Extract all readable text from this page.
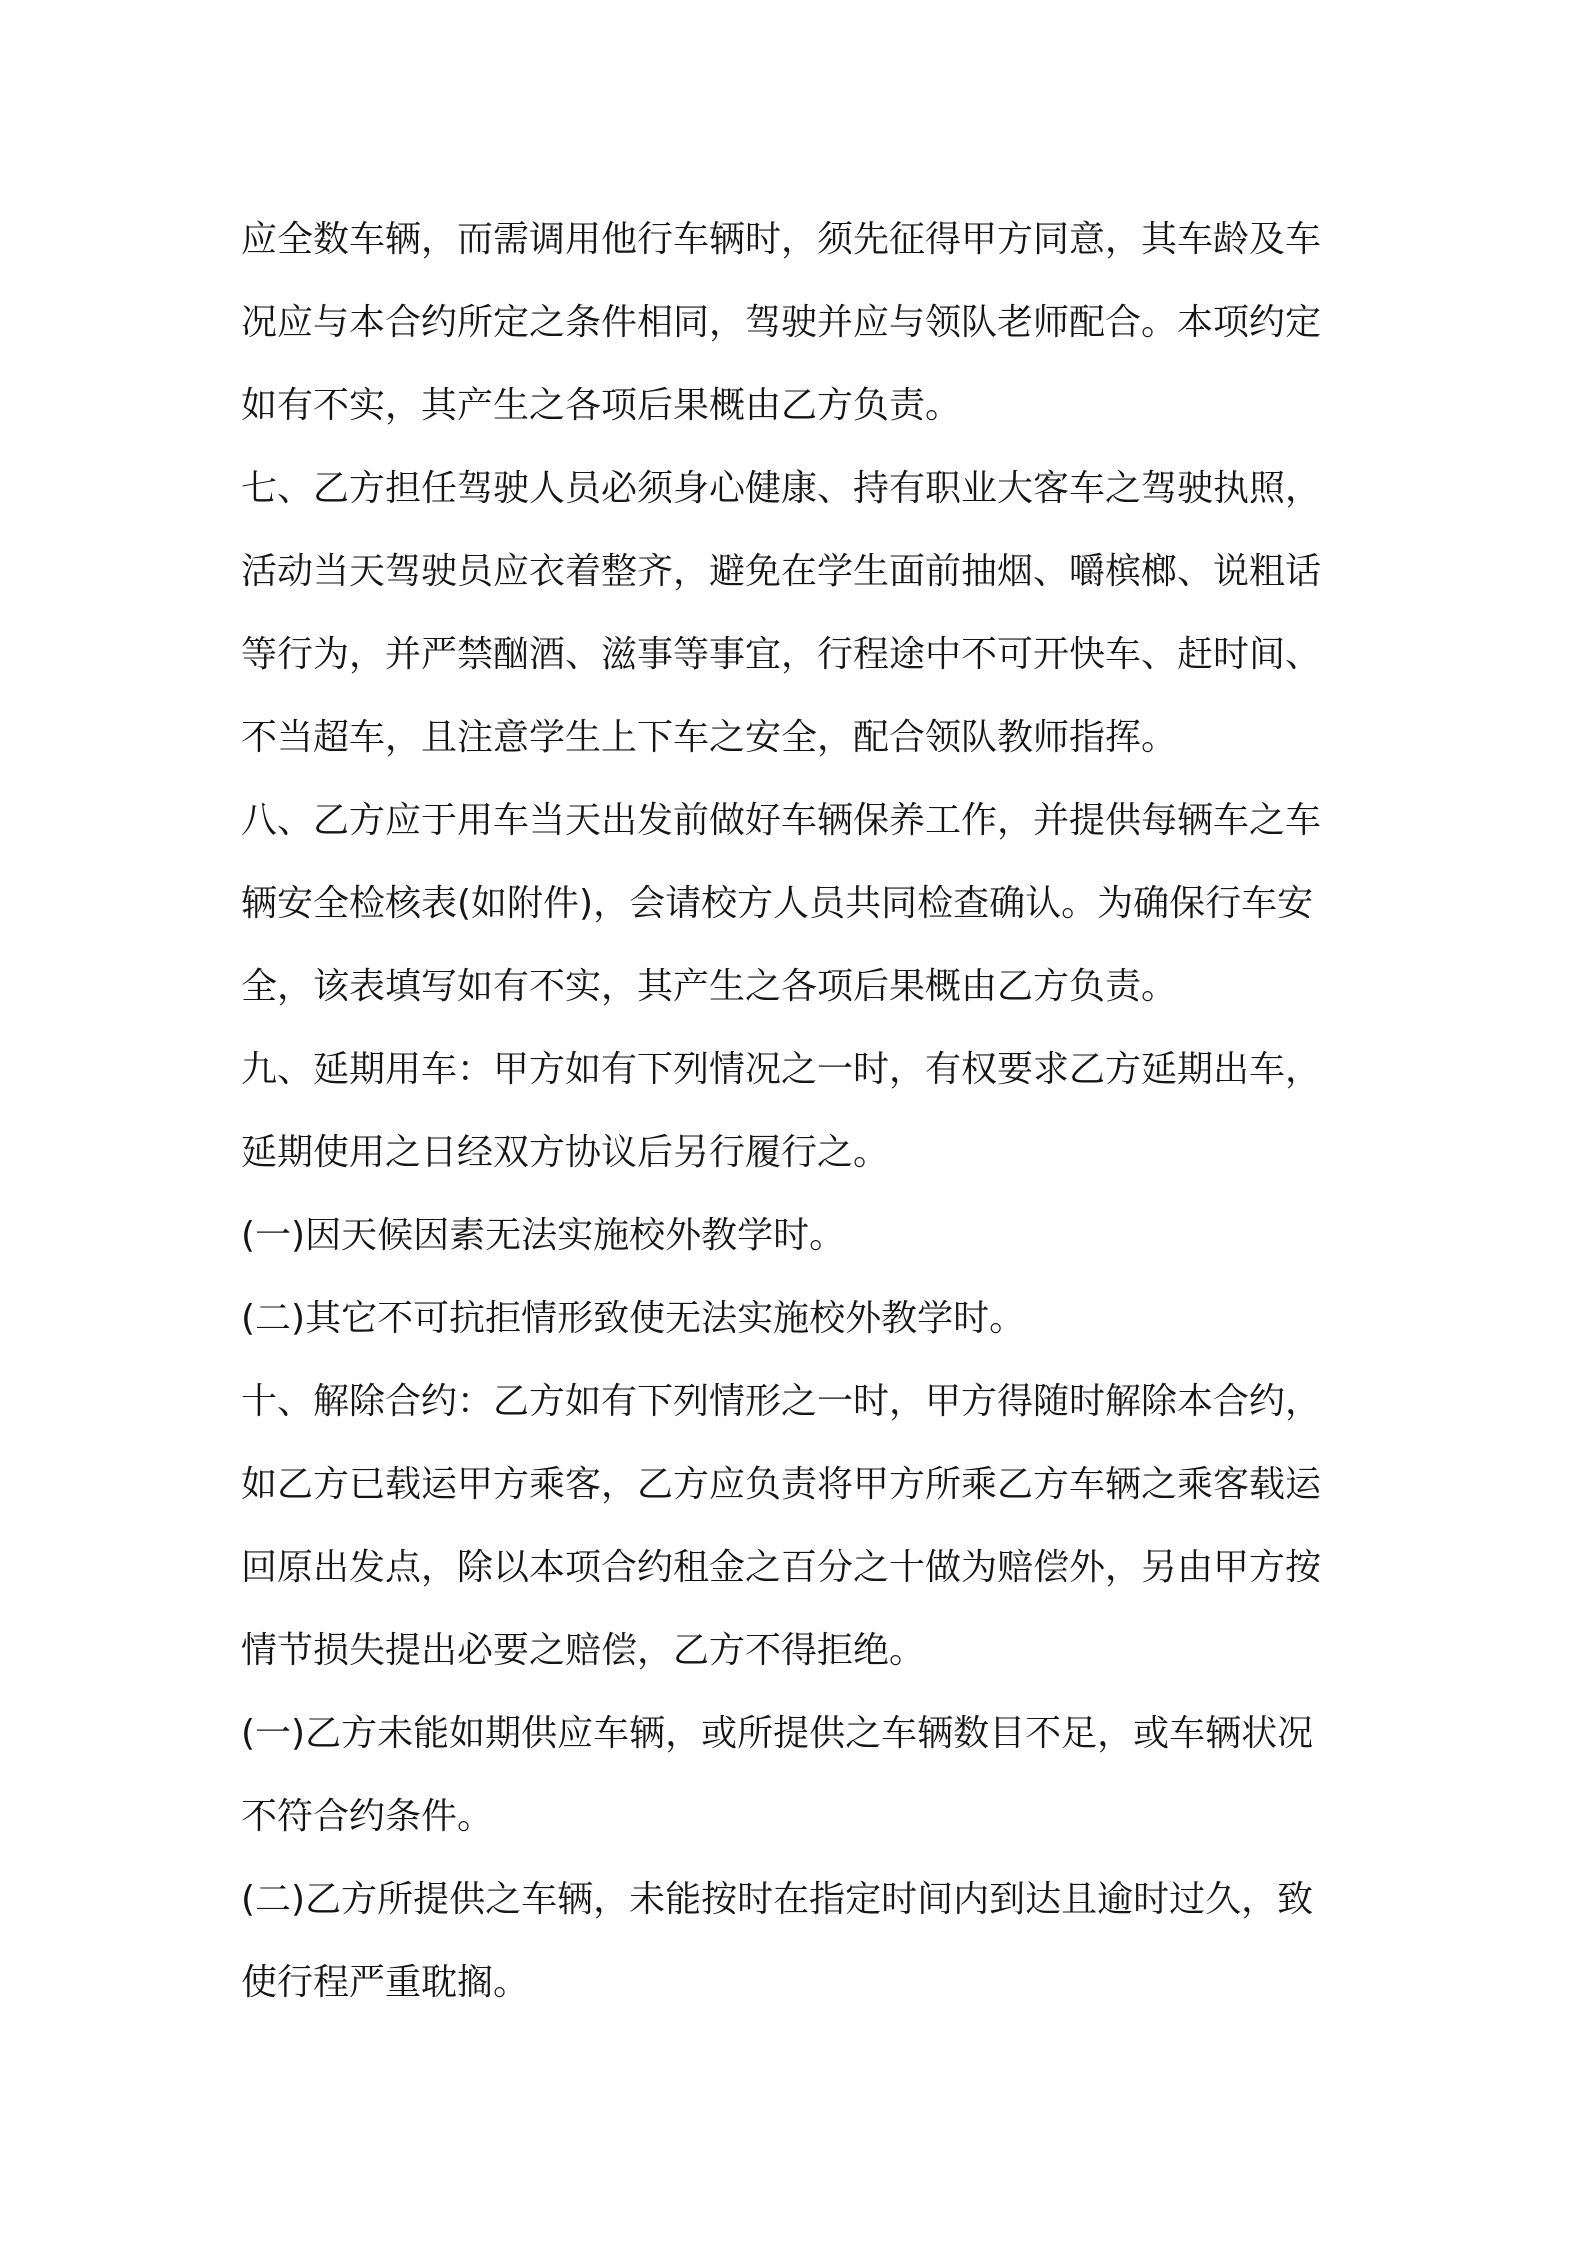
应全数车辆，而需调用他行车辆时，须先征得甲方同意，其车龄及车
况应与本合约所定之条件相同，驾驶并应与领队老师配合。本项约定
如有不实，其产生之各项后果概由乙方负责。
七、乙方担任驾驶人员必须身心健康、持有职业大客车之驾驶执照，
活动当天驾驶员应衣着整齐，避免在学生面前抽烟、嚼槟榔、说粗话
等行为，并严禁酗酒、滋事等事宜，行程途中不可开快车、赶时间、
不当超车，且注意学生上下车之安全，配合领队教师指挥。
八、乙方应于用车当天出发前做好车辆保养工作，并提供每辆车之车
辆安全检核表(如附件)，会请校方人员共同检查确认。为确保行车安
全，该表填写如有不实，其产生之各项后果概由乙方负责。
九、延期用车：甲方如有下列情况之一时，有权要求乙方延期出车，
延期使用之日经双方协议后另行履行之。
(一)因天候因素无法实施校外教学时。
(二)其它不可抗拒情形致使无法实施校外教学时。
十、解除合约：乙方如有下列情形之一时，甲方得随时解除本合约，
如乙方已载运甲方乘客，乙方应负责将甲方所乘乙方车辆之乘客载运
回原出发点，除以本项合约租金之百分之十做为赔偿外，另由甲方按
情节损失提出必要之赔偿，乙方不得拒绝。
(一)乙方未能如期供应车辆，或所提供之车辆数目不足，或车辆状况
不符合约条件。
(二)乙方所提供之车辆，未能按时在指定时间内到达且逾时过久，致
使行程严重耽搁。
